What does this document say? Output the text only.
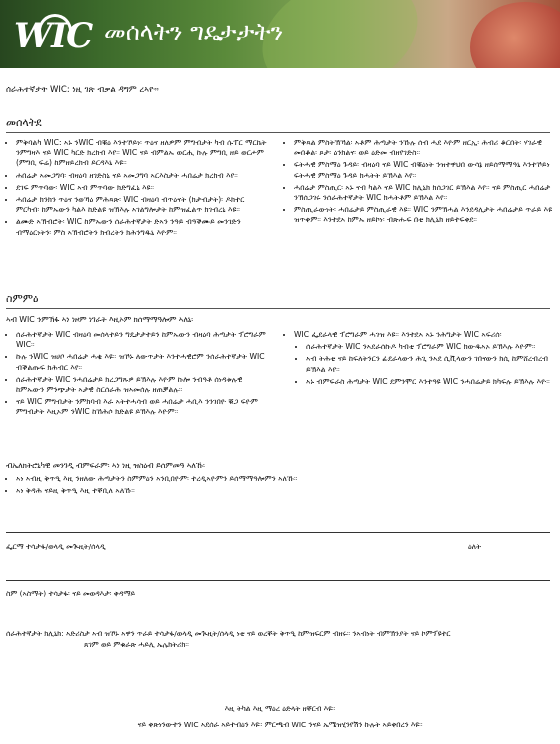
WIC መሰላትን ግዴታታትን
ሰራሕተኛታት WIC: ነዚ ገጽ ብቃል ዳግም ረኣዮ።
መሰላትደ
• ምቅባልካ WIC: ኣኑ ንWIC ብቑዕ እንተኾይነ፡ ጥዕና ዘለዎም ምግብታት ካብ ሱፐር ማርኬት ንምግዛእ ናይ WIC ካርድ ክረክብ እየ። WIC ናይ ብምልኡ ወርሒ ኩሉ ምግቢ ዘይ ወርሖም (ምግቢ ፍሬ) ከምዘይረክብ ይርዳእኒ እዩ።
• ሐበሬታ ኣመጋግባ፡ ብዛዕባ ዘገድስኒ ናይ ኣመጋግባ ኣርእስታት ሓበሬታ ክረክብ እየ።
• ደገፍ ምጥባው፡ WIC ኣብ ምጥባው ክድግፈኒ እዩ።
• ሓበሬታ ክንክን ጥዕና ንወኻዕ ምሕጻጽ፡ WIC ብዛዕባ ብጥዕናት (ክታብታት)፡ ዶክተር ምርካብ፡ ከምኡውን ካልእ ከድልዩ ዝኽእሉ ኣገልግሎታት ከምዝፈልጥ ክገብረኒ እዩ።
• ልሙድ ኣኽብሮት፡ WIC ከምኡውን ሰራሕተኛታት ድኣን ንዓይ ብዓቕሙይ መንገድን ብማዕርነትን፡ ምስ ኣኽብሮትን ክብረትን ክሕንግዱኒ እዮም።
• ምቅጻል ምስትኽኻል፡ ኣቶም ሕጣታት ንኹሉ ሰብ ሓደ እዮም ዘርኢ፡ ሕብሪ ቆርበት፡ ሃገራዊ መበቆል፡ ጾታ፡ ዕንክልና፡ ወይ ዕድመ ብዘየገድስ።
• ፍትሓዊ ምስማዕ ጉዳይ፡ ብዛዕባ ናይ WIC ብቑዕነት ንዝተዋህበ ውሳኔ ዘይሰማማዓኒ እንተኾይነ ፍትሓዊ ምስማዕ ጉዳይ ክሓትት ይኽእል እየ።
• ሓበሬታ ምስጢር፡ ኣኑ ናብ ካልእ ናይ WIC ክሊኒክ ክሰጋገር ይኽእል እየ። ናይ ምስጢር ሓበሬታ ንኽሰጋገሩ ንሰራሕተኛታት WIC ክሓትቶም ይኽእል እየ።
• ምስጢራውነት፡ ሓበሬታይ ምስጢራዊ እዩ። WIC ንምኽሓል እንደዳሊታት ሓበሬታይ ጥራይ እዩ ዝጥቀም። እንተደኣ ከምኡ ዘይኮነ፡ ብጽሑፍ በቲ ክሊኒክ ዘይተፍቀደ።
ስምምዕ
ኣብ WIC ንምኽፋ ኣነ ነዞም ነገራት እዚኦም ክሰማማዓሎም ኣለኒ፡
• ሰራሕተኛታት WIC ብዛዕባ መሰላተይን ግዴታታተይን ከምኡውን ብዛዕባ ሕጣታት ፕሮግራም WIC።
• ኩሉ ንWIC ዝሀቦ ሓበሬታ ሓቂ እዩ። ዝኾኑ ለውጥታት እንተሓዊሮም ንሰራሕተኛታት WIC ብቕልጡፍ ክሕብር እየ።
• ሰራሕተኛታት WIC ንሓበሬታይ ክረጋግጹዎ ይኽእሉ እዮም ኩሎ ንብዓቶ ሰነዳቱሉዊ ከምኡውን ምንጭታት ኣታዊ ስርሰራሕ ዝኣመሰሉ ዘጠቓልሉ።
• ናይ WIC ምግብታት ንምክባብ እራ ኣትተሓሳብ ወይ ሓበሬታ ሓቢእ ንንገበዮ ቑጋ ፍዮም ምግብታት እዚኦም ንWIC ከኸሕሶ ክድልዩ ይኽእሉ እዮም።
• WIC ፌደራላዊ ፕሮግራም ሓገዝ እዩ። እንተደኣ ኣኑ ንሕግታት WIC ኣፍሪሰ፡
• ሰራሕተኛታት WIC ንኣደራሰኩዶ ካብቲ ፕሮግራም WIC ክውዱኣኦ ይኽእሉ እዮም።
• ኣብ ትሕቲ ናይ ከፍለትንርን ፊደራላውን ሕጊ ንኣደ ሲቪላውን ገበናውን ክሲ ከምሸረብረብ ይኽእል እየ።
• ኣኑ ብምፍራስ ሕጣታት WIC ደምንሞር እንተዓዩ WIC ንሓበሬታይ ክካፍሉ ይኽእሉ እዮ።
ብኤለክትሮኒካዊ መንገዲ ብምፍራም፡ ኣነ ነዚ ዝስዕብ ይሰምመዓ ኣለኹ፡
• ኣነ ኣብዚ ቅጥዒ እዚ ንዘለው ሕጣታትን ስምምዕን ኣንቢበዮም፡ ተረዲኣዮምን ይሰማማዓሎምን ኣለኹ።
• ኣነ ቅዳሕ ናይዚ ቅጥዒ እዚ ተቐቢለ ኣለኹ።
ፌርማ ተሳታፋ/ወላዲ መጒዚት/ሰላዲ	ዕለት
ስም (ኣስማት) ተሳታፋ፡ ናይ መወዳእታ፡ ቀዳማይ
ሰራሕተኛታት ክሊኒክ: ኣድሪስታ ኣብ ዝኾኑ ኣዋን ጥራይ ተሳታፋ/ወላዲ መጒዚት/ሰላዲ ነቲ ናይ ወረቐት ቅጥዒ ከምዝፍርም ብዘሩ። ንኣብነት ብምኽንያት ናይ ኮምፕዩተር
ጸገም ወይ ምቁራጽ ሓይሊ ኤሌክትሪክ።
እዚ ትካል እዚ ማዕረ ዕድላት ዘቐርብ እዩ።
ናይ ቀጽነንውተን WIC ኣደሰራ ኣይተብዕን እዩ። ምርጫብ WIC ንናይ ኤሜዝሂንየሽን ኩሉት ኣይቀበረን እዩ።
